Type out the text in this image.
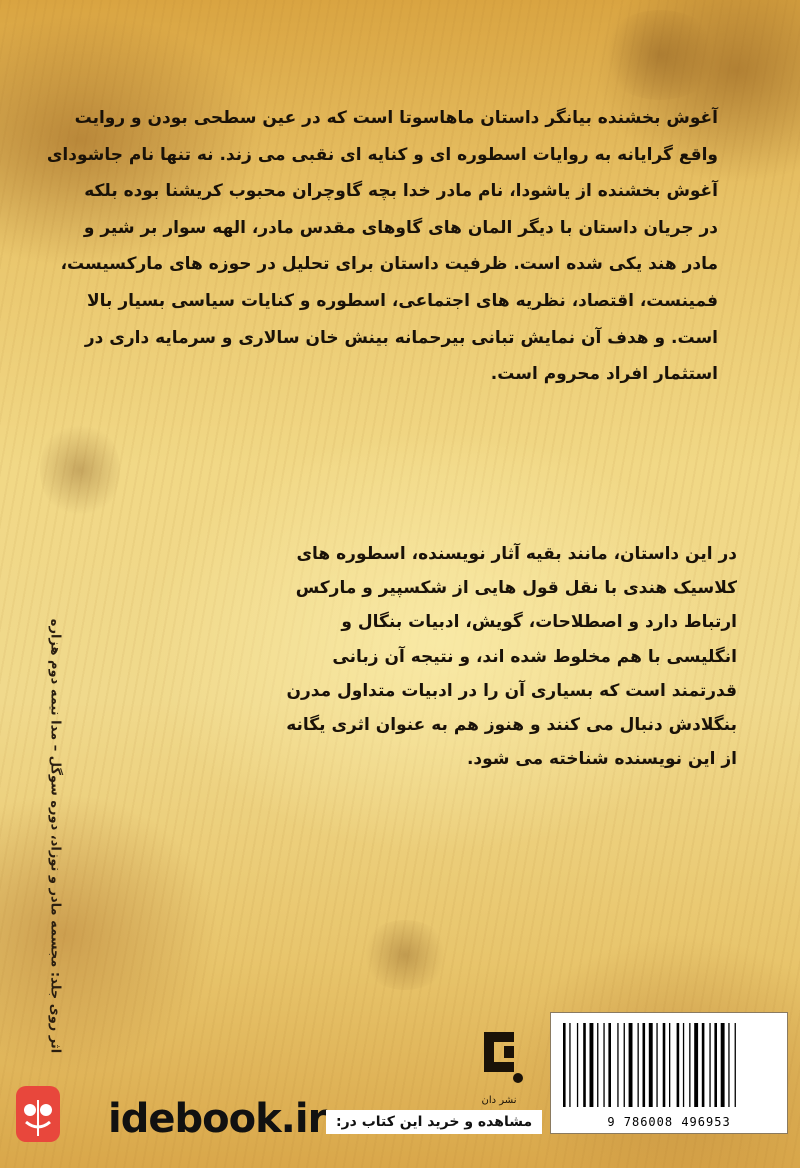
آغوش بخشنده بیانگر داستان ماهاسوتا است که در عین سطحی بودن و روایت
واقع گرایانه به روایات اسطوره ای و کنایه ای نقبی می زند. نه تنها نام جاشودای
آغوش بخشنده از یاشودا، نام مادر خدا بچه گاوچران محبوب کریشنا بوده بلکه
در جریان داستان با دیگر المان های گاوهای مقدس مادر، الهه سوار بر شیر و
مادر هند یکی شده است. ظرفیت داستان برای تحلیل در حوزه های مارکسیست،
فمینست، اقتصاد، نظریه های اجتماعی، اسطوره و کنایات سیاسی بسیار بالا
است. و هدف آن نمایش تبانی بیرحمانه بینش خان سالاری و سرمایه داری در
استثمار افراد محروم است.
در این داستان، مانند بقیه آثار نویسنده، اسطوره های
کلاسیک هندی با نقل قول هایی از شکسپیر و مارکس
ارتباط دارد و اصطلاحات، گویش، ادبیات بنگال و
انگلیسی با هم مخلوط شده اند، و نتیجه آن زبانی
قدرتمند است که بسیاری آن را در ادبیات متداول مدرن
بنگلادش دنبال می کنند و هنوز هم به عنوان اثری یگانه
از این نویسنده شناخته می شود.
اثر روی جلد: مجسمه مادر و نوزاد، دوره سوگل – مدا نیمه دوم هزاره
نشر دان
9 786008 496953
idebook.ir مشاهده و خرید این کتاب در:
